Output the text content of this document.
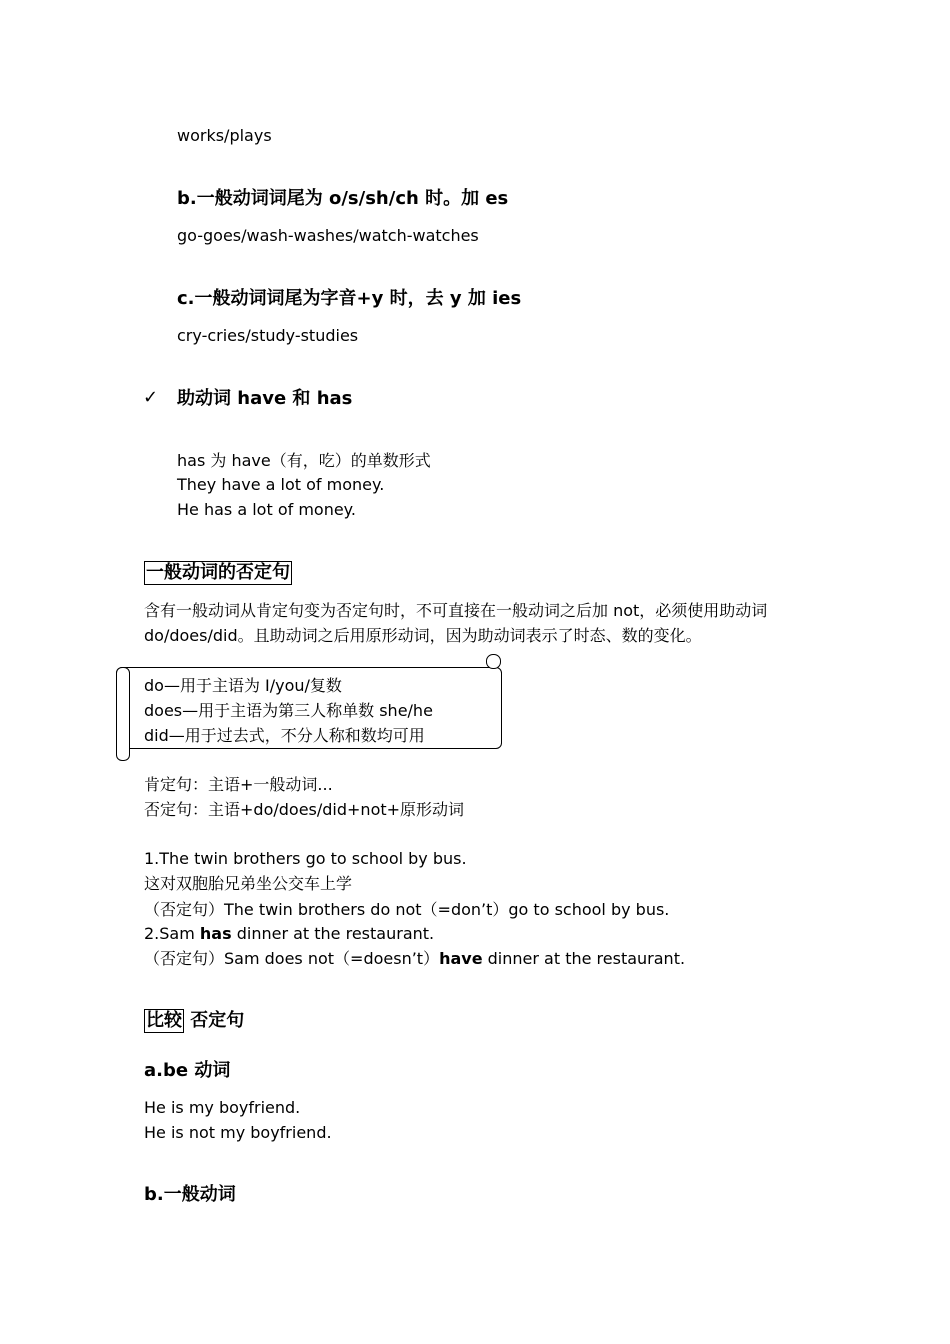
works/plays
b.一般动词词尾为 o/s/sh/ch 时。加 es
go-goes/wash-washes/watch-watches
c.一般动词词尾为字音+y 时，去 y 加 ies
cry-cries/study-studies
✓ 助动词 have 和 has
has 为 have（有，吃）的单数形式
They have a lot of money.
He has a lot of money.
一般动词的否定句
含有一般动词从肯定句变为否定句时，不可直接在一般动词之后加 not，必须使用助动词
do/does/did。且助动词之后用原形动词，因为助动词表示了时态、数的变化。
do—用于主语为 I/you/复数
does—用于主语为第三人称单数 she/he
did—用于过去式，不分人称和数均可用
肯定句：主语+一般动词...
否定句：主语+do/does/did+not+原形动词
1.The twin brothers go to school by bus.
这对双胞胎兄弟坐公交车上学
（否定句）The twin brothers do not（=don’t）go to school by bus.
2.Sam has dinner at the restaurant.
（否定句）Sam does not（=doesn’t）have dinner at the restaurant.
比较 否定句
a.be 动词
He is my boyfriend.
He is not my boyfriend.
b.一般动词
